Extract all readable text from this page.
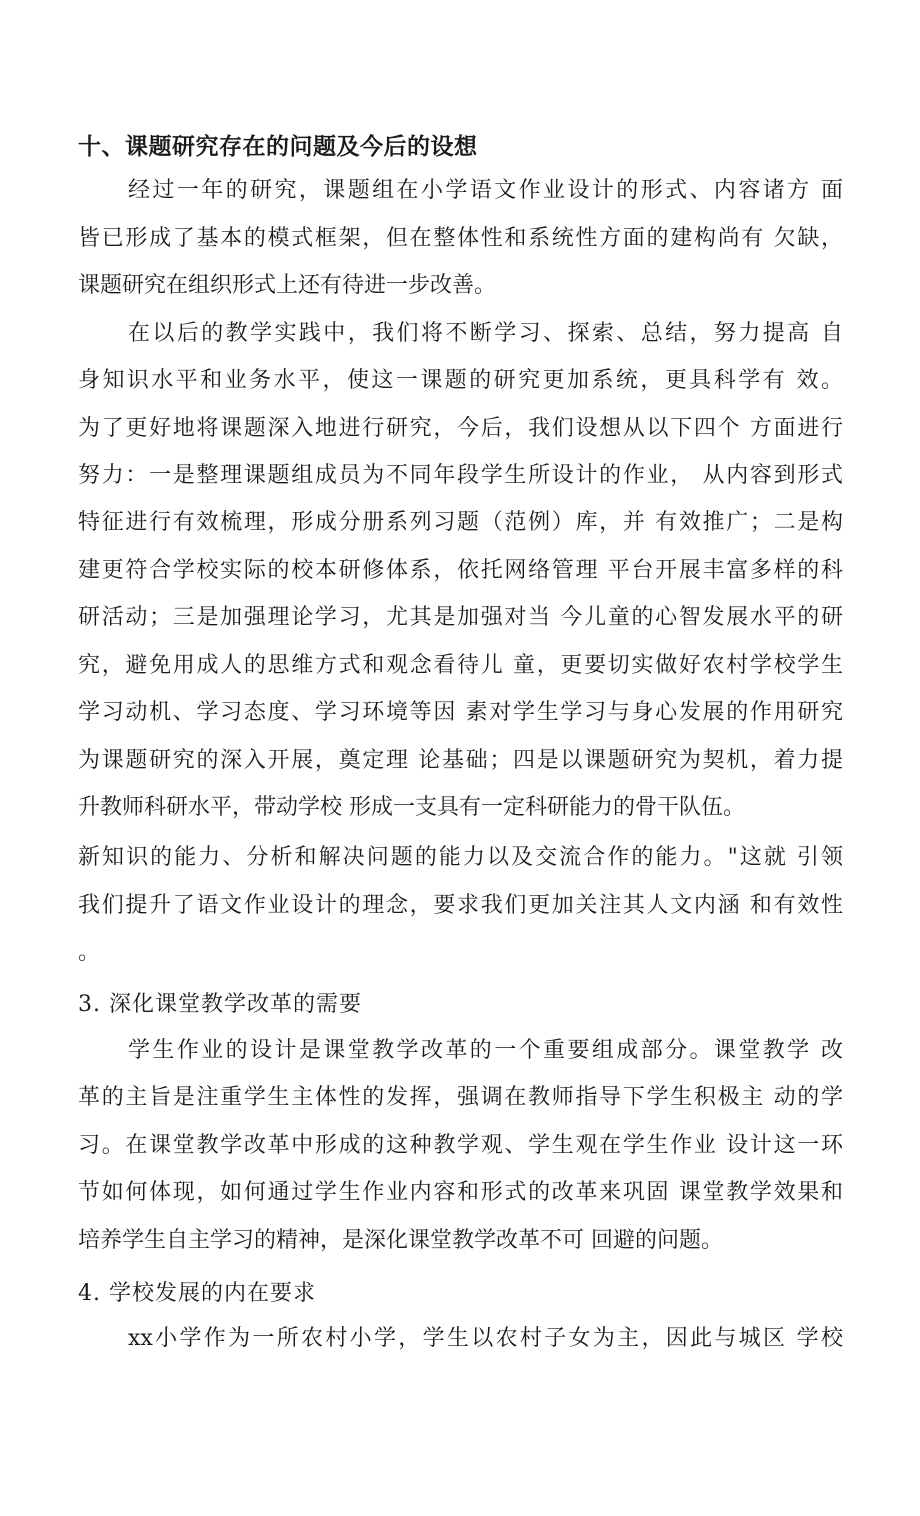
十、课题研究存在的问题及今后的设想
经过一年的研究，课题组在小学语文作业设计的形式、内容诸方 面
皆已形成了基本的模式框架，但在整体性和系统性方面的建构尚有 欠缺，
课题研究在组织形式上还有待进一步改善。
在以后的教学实践中，我们将不断学习、探索、总结，努力提高 自
身知识水平和业务水平，使这一课题的研究更加系统，更具科学有 效。
为了更好地将课题深入地进行研究，今后，我们设想从以下四个 方面进行
努力：一是整理课题组成员为不同年段学生所设计的作业， 从内容到形式
特征进行有效梳理，形成分册系列习题（范例）库，并 有效推广；二是构
建更符合学校实际的校本研修体系，依托网络管理 平台开展丰富多样的科
研活动；三是加强理论学习，尤其是加强对当 今儿童的心智发展水平的研
究，避免用成人的思维方式和观念看待儿 童，更要切实做好农村学校学生
学习动机、学习态度、学习环境等因 素对学生学习与身心发展的作用研究
为课题研究的深入开展，奠定理 论基础；四是以课题研究为契机，着力提
升教师科研水平，带动学校 形成一支具有一定科研能力的骨干队伍。
新知识的能力、分析和解决问题的能力以及交流合作的能力。"这就 引领
我们提升了语文作业设计的理念，要求我们更加关注其人文内涵 和有效性
。
3. 深化课堂教学改革的需要
学生作业的设计是课堂教学改革的一个重要组成部分。课堂教学 改
革的主旨是注重学生主体性的发挥，强调在教师指导下学生积极主 动的学
习。在课堂教学改革中形成的这种教学观、学生观在学生作业 设计这一环
节如何体现，如何通过学生作业内容和形式的改革来巩固 课堂教学效果和
培养学生自主学习的精神，是深化课堂教学改革不可 回避的问题。
4. 学校发展的内在要求
xx小学作为一所农村小学，学生以农村子女为主，因此与城区 学校
